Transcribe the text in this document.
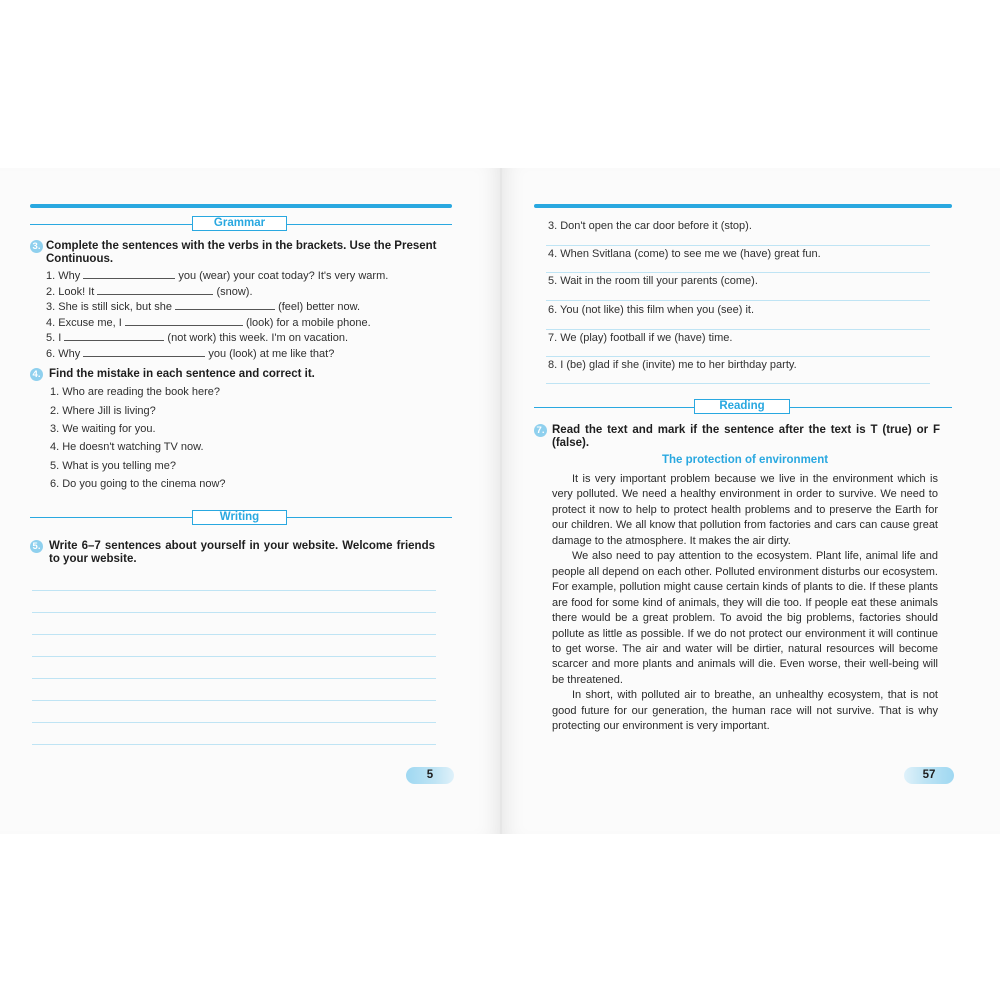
Grammar
3. Complete the sentences with the verbs in the brackets. Use the Present Continuous.
1. Why	you (wear) your coat today? It's very warm.
2. Look! It	(snow).
3. She is still sick, but she	(feel) better now.
4. Excuse me, I	(look) for a mobile phone.
5. I	(not work) this week. I'm on vacation.
6. Why	you (look) at me like that?
4. Find the mistake in each sentence and correct it.
1. Who are reading the book here?
2. Where Jill is living?
3. We waiting for you.
4. He doesn't watching TV now.
5. What is you telling me?
6. Do you going to the cinema now?
Writing
5. Write 6–7 sentences about yourself in your website. Welcome friends to your website.
5
3. Don't open the car door before it (stop).
4. When Svitlana (come) to see me we (have) great fun.
5. Wait in the room till your parents (come).
6. You (not like) this film when you (see) it.
7. We (play) football if we (have) time.
8. I (be) glad if she (invite) me to her birthday party.
Reading
7. Read the text and mark if the sentence after the text is T (true) or F (false).
The protection of environment

It is very important problem because we live in the environment which is very polluted. We need a healthy environment in order to survive. We need to protect it now to help to protect health problems and to preserve the Earth for our children. We all know that pollution from factories and cars can cause great damage to the atmosphere. It makes the air dirty.

We also need to pay attention to the ecosystem. Plant life, animal life and people all depend on each other. Polluted environment disturbs our ecosystem. For example, pollution might cause certain kinds of plants to die. If these plants are food for some kind of animals, they will die too. If people eat these animals there would be a great problem. To avoid the big problems, factories should pollute as little as possible. If we do not protect our environment it will continue to get worse. The air and water will be dirtier, natural resources will become scarcer and more plants and animals will die. Even worse, their well-being will be threatened.

In short, with polluted air to breathe, an unhealthy ecosystem, that is not good future for our generation, the human race will not survive. That is why protecting our environment is very important.

57
